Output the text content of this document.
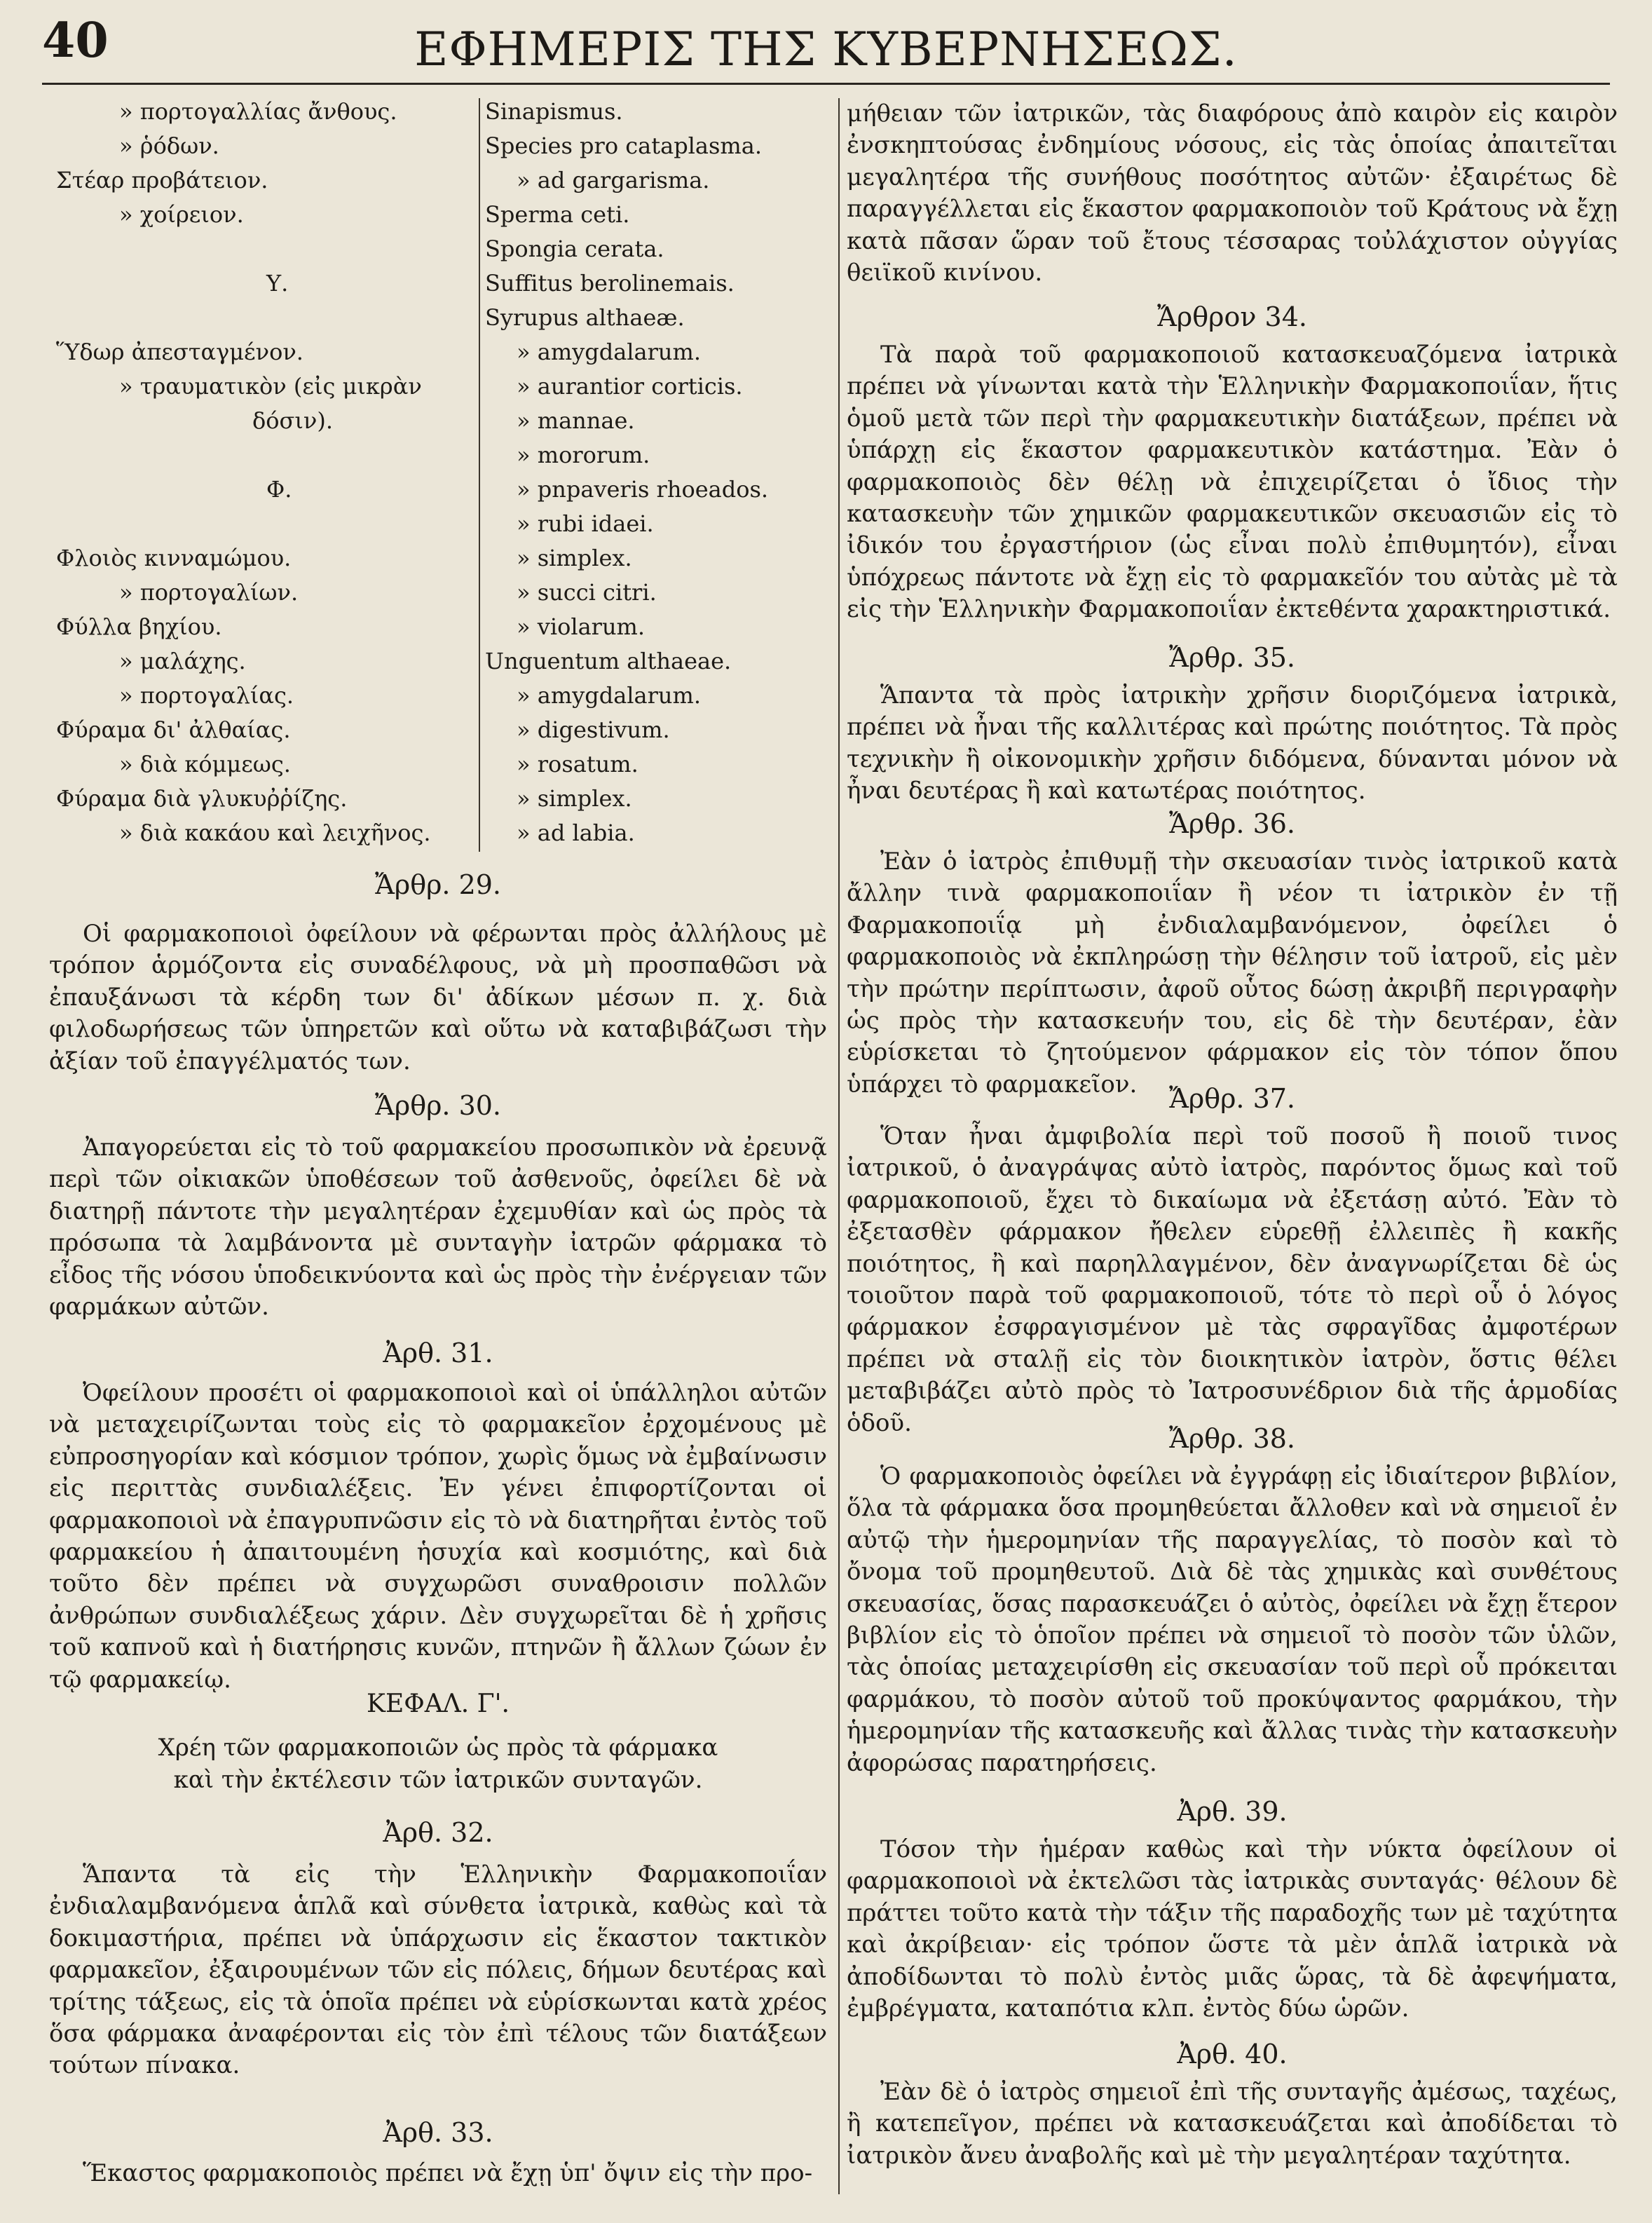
40	ΕΦΗΜΕΡΙΣ ΤΗΣ ΚΥΒΕΡΝΗΣΕΩΣ.
» πορτογαλλίας ἄνθους.
» ῥόδων.
Στέαρ προβάτειον.
» χοίρειον.
Υ.
Ὕδωρ ἀπεσταγμένον.
» τραυματικὸν (εἰς μικρὰν
δόσιν).
Φ.
Φλοιὸς κινναμώμου.
» πορτογαλίων.
Φύλλα βηχίου.
» μαλάχης.
» πορτογαλίας.
Φύραμα δι' ἀλθαίας.
» διὰ κόμμεως.
Φύραμα διὰ γλυκυῤῥίζης.
» διὰ κακάου καὶ λειχῆνος.
Sinapismus.
Species pro cataplasma.
» ad gargarisma.
Sperma ceti.
Spongia cerata.
Suffitus berolinemais.
Syrupus althaeæ.
» amygdalarum.
» aurantior corticis.
» mannae.
» mororum.
» pnpaveris rhoeados.
» rubi idaei.
» simplex.
» succi citri.
» violarum.
Unguentum althaeae.
» amygdalarum.
» digestivum.
» rosatum.
» simplex.
» ad labia.
Ἄρθρ. 29.
Οἱ φαρμακοποιοὶ ὀφείλουν νὰ φέρωνται πρὸς ἀλλήλους μὲ τρόπον ἁρμόζοντα εἰς συναδέλφους, νὰ μὴ προσπαθῶσι νὰ ἐπαυξάνωσι τὰ κέρδη των δι' ἀδίκων μέσων π. χ. διὰ φιλοδωρήσεως τῶν ὑπηρετῶν καὶ οὕτω νὰ καταβιβάζωσι τὴν ἀξίαν τοῦ ἐπαγγέλματός των.
Ἄρθρ. 30.
Ἀπαγορεύεται εἰς τὸ τοῦ φαρμακείου προσωπικὸν νὰ ἐρευνᾷ περὶ τῶν οἰκιακῶν ὑποθέσεων τοῦ ἀσθενοῦς, ὀφείλει δὲ νὰ διατηρῇ πάντοτε τὴν μεγαλητέραν ἐχεμυθίαν καὶ ὡς πρὸς τὰ πρόσωπα τὰ λαμβάνοντα μὲ συνταγὴν ἰατρῶν φάρμακα τὸ εἶδος τῆς νόσου ὑποδεικνύοντα καὶ ὡς πρὸς τὴν ἐνέργειαν τῶν φαρμάκων αὐτῶν.
Ἀρθ. 31.
Ὀφείλουν προσέτι οἱ φαρμακοποιοὶ καὶ οἱ ὑπάλληλοι αὐτῶν νὰ μεταχειρίζωνται τοὺς εἰς τὸ φαρμακεῖον ἐρχομένους μὲ εὐπροσηγορίαν καὶ κόσμιον τρόπον, χωρὶς ὅμως νὰ ἐμβαίνωσιν εἰς περιττὰς συνδιαλέξεις. Ἐν γένει ἐπιφορτίζονται οἱ φαρμακοποιοὶ νὰ ἐπαγρυπνῶσιν εἰς τὸ νὰ διατηρῆται ἐντὸς τοῦ φαρμακείου ἡ ἀπαιτουμένη ἡσυχία καὶ κοσμιότης, καὶ διὰ τοῦτο δὲν πρέπει νὰ συγχωρῶσι συναθροισιν πολλῶν ἀνθρώπων συνδιαλέξεως χάριν. Δὲν συγχωρεῖται δὲ ἡ χρῆσις τοῦ καπνοῦ καὶ ἡ διατήρησις κυνῶν, πτηνῶν ἢ ἄλλων ζώων ἐν τῷ φαρμακείῳ.
ΚΕΦΑΛ. Γ'.
Χρέη τῶν φαρμακοποιῶν ὡς πρὸς τὰ φάρμακα καὶ τὴν ἐκτέλεσιν τῶν ἰατρικῶν συνταγῶν.
Ἀρθ. 32.
Ἅπαντα τὰ εἰς τὴν Ἑλληνικὴν Φαρμακοποιΐαν ἐνδιαλαμβανόμενα ἁπλᾶ καὶ σύνθετα ἰατρικὰ, καθὼς καὶ τὰ δοκιμαστήρια, πρέπει νὰ ὑπάρχωσιν εἰς ἕκαστον τακτικὸν φαρμακεῖον, ἐξαιρουμένων τῶν εἰς πόλεις, δήμων δευτέρας καὶ τρίτης τάξεως, εἰς τὰ ὁποῖα πρέπει νὰ εὑρίσκωνται κατὰ χρέος ὅσα φάρμακα ἀναφέρονται εἰς τὸν ἐπὶ τέλους τῶν διατάξεων τούτων πίνακα.
Ἀρθ. 33.
Ἕκαστος φαρμακοποιὸς πρέπει νὰ ἔχῃ ὑπ' ὄψιν εἰς τὴν προ-
μήθειαν τῶν ἰατρικῶν, τὰς διαφόρους ἀπὸ καιρὸν εἰς καιρὸν ἐνσκηπτούσας ἐνδημίους νόσους, εἰς τὰς ὁποίας ἀπαιτεῖται μεγαλητέρα τῆς συνήθους ποσότητος αὐτῶν· ἐξαιρέτως δὲ παραγγέλλεται εἰς ἕκαστον φαρμακοποιὸν τοῦ Κράτους νὰ ἔχῃ κατὰ πᾶσαν ὥραν τοῦ ἔτους τέσσαρας τοὐλάχιστον οὐγγίας θειϊκοῦ κινίνου.
Ἄρθρον 34.
Τὰ παρὰ τοῦ φαρμακοποιοῦ κατασκευαζόμενα ἰατρικὰ πρέπει νὰ γίνωνται κατὰ τὴν Ἑλληνικὴν Φαρμακοποιΐαν, ἥτις ὁμοῦ μετὰ τῶν περὶ τὴν φαρμακευτικὴν διατάξεων, πρέπει νὰ ὑπάρχῃ εἰς ἕκαστον φαρμακευτικὸν κατάστημα. Ἐὰν ὁ φαρμακοποιὸς δὲν θέλῃ νὰ ἐπιχειρίζεται ὁ ἴδιος τὴν κατασκευὴν τῶν χημικῶν φαρμακευτικῶν σκευασιῶν εἰς τὸ ἰδικόν του ἐργαστήριον (ὡς εἶναι πολὺ ἐπιθυμητόν), εἶναι ὑπόχρεως πάντοτε νὰ ἔχῃ εἰς τὸ φαρμακεῖόν του αὐτὰς μὲ τὰ εἰς τὴν Ἑλληνικὴν Φαρμακοποιΐαν ἐκτεθέντα χαρακτηριστικά.
Ἄρθρ. 35.
Ἅπαντα τὰ πρὸς ἰατρικὴν χρῆσιν διοριζόμενα ἰατρικὰ, πρέπει νὰ ἦναι τῆς καλλιτέρας καὶ πρώτης ποιότητος. Τὰ πρὸς τεχνικὴν ἢ οἰκονομικὴν χρῆσιν διδόμενα, δύνανται μόνον νὰ ἦναι δευτέρας ἢ καὶ κατωτέρας ποιότητος.
Ἄρθρ. 36.
Ἐὰν ὁ ἰατρὸς ἐπιθυμῇ τὴν σκευασίαν τινὸς ἰατρικοῦ κατὰ ἄλλην τινὰ φαρμακοποιΐαν ἢ νέον τι ἰατρικὸν ἐν τῇ Φαρμακοποιΐᾳ μὴ ἐνδιαλαμβανόμενον, ὀφείλει ὁ φαρμακοποιὸς νὰ ἐκπληρώσῃ τὴν θέλησιν τοῦ ἰατροῦ, εἰς μὲν τὴν πρώτην περίπτωσιν, ἀφοῦ οὗτος δώσῃ ἀκριβῆ περιγραφὴν ὡς πρὸς τὴν κατασκευήν του, εἰς δὲ τὴν δευτέραν, ἐὰν εὑρίσκεται τὸ ζητούμενον φάρμακον εἰς τὸν τόπον ὅπου ὑπάρχει τὸ φαρμακεῖον.	Ἄρθρ. 37.
Ὅταν ἦναι ἀμφιβολία περὶ τοῦ ποσοῦ ἢ ποιοῦ τινος ἰατρικοῦ, ὁ ἀναγράψας αὐτὸ ἰατρὸς, παρόντος ὅμως καὶ τοῦ φαρμακοποιοῦ, ἔχει τὸ δικαίωμα νὰ ἐξετάσῃ αὐτό. Ἐὰν τὸ ἐξετασθὲν φάρμακον ἤθελεν εὑρεθῇ ἐλλειπὲς ἢ κακῆς ποιότητος, ἢ καὶ παρηλλαγμένον, δὲν ἀναγνωρίζεται δὲ ὡς τοιοῦτον παρὰ τοῦ φαρμακοποιοῦ, τότε τὸ περὶ οὗ ὁ λόγος φάρμακον ἐσφραγισμένον μὲ τὰς σφραγῖδας ἀμφοτέρων πρέπει νὰ σταλῇ εἰς τὸν διοικητικὸν ἰατρὸν, ὅστις θέλει μεταβιβάζει αὐτὸ πρὸς τὸ Ἰατροσυνέδριον διὰ τῆς ἁρμοδίας ὁδοῦ.
Ἄρθρ. 38.
Ὁ φαρμακοποιὸς ὀφείλει νὰ ἐγγράφῃ εἰς ἰδιαίτερον βιβλίον, ὅλα τὰ φάρμακα ὅσα προμηθεύεται ἄλλοθεν καὶ νὰ σημειοῖ ἐν αὐτῷ τὴν ἡμερομηνίαν τῆς παραγγελίας, τὸ ποσὸν καὶ τὸ ὄνομα τοῦ προμηθευτοῦ. Διὰ δὲ τὰς χημικὰς καὶ συνθέτους σκευασίας, ὅσας παρασκευάζει ὁ αὐτὸς, ὀφείλει νὰ ἔχῃ ἕτερον βιβλίον εἰς τὸ ὁποῖον πρέπει νὰ σημειοῖ τὸ ποσὸν τῶν ὑλῶν, τὰς ὁποίας μεταχειρίσθη εἰς σκευασίαν τοῦ περὶ οὗ πρόκειται φαρμάκου, τὸ ποσὸν αὐτοῦ τοῦ προκύψαντος φαρμάκου, τὴν ἡμερομηνίαν τῆς κατασκευῆς καὶ ἄλλας τινὰς τὴν κατασκευὴν ἀφορώσας παρατηρήσεις.
Ἀρθ. 39.
Τόσον τὴν ἡμέραν καθὼς καὶ τὴν νύκτα ὀφείλουν οἱ φαρμακοποιοὶ νὰ ἐκτελῶσι τὰς ἰατρικὰς συνταγάς· θέλουν δὲ πράττει τοῦτο κατὰ τὴν τάξιν τῆς παραδοχῆς των μὲ ταχύτητα καὶ ἀκρίβειαν· εἰς τρόπον ὥστε τὰ μὲν ἁπλᾶ ἰατρικὰ νὰ ἀποδίδωνται τὸ πολὺ ἐντὸς μιᾶς ὥρας, τὰ δὲ ἀφεψήματα, ἐμβρέγματα, καταπότια κλπ. ἐντὸς δύω ὡρῶν.
Ἀρθ. 40.
Ἐὰν δὲ ὁ ἰατρὸς σημειοῖ ἐπὶ τῆς συνταγῆς ἀμέσως, ταχέως, ἢ κατεπεῖγον, πρέπει νὰ κατασκευάζεται καὶ ἀποδίδεται τὸ ἰατρικὸν ἄνευ ἀναβολῆς καὶ μὲ τὴν μεγαλητέραν ταχύτητα.
